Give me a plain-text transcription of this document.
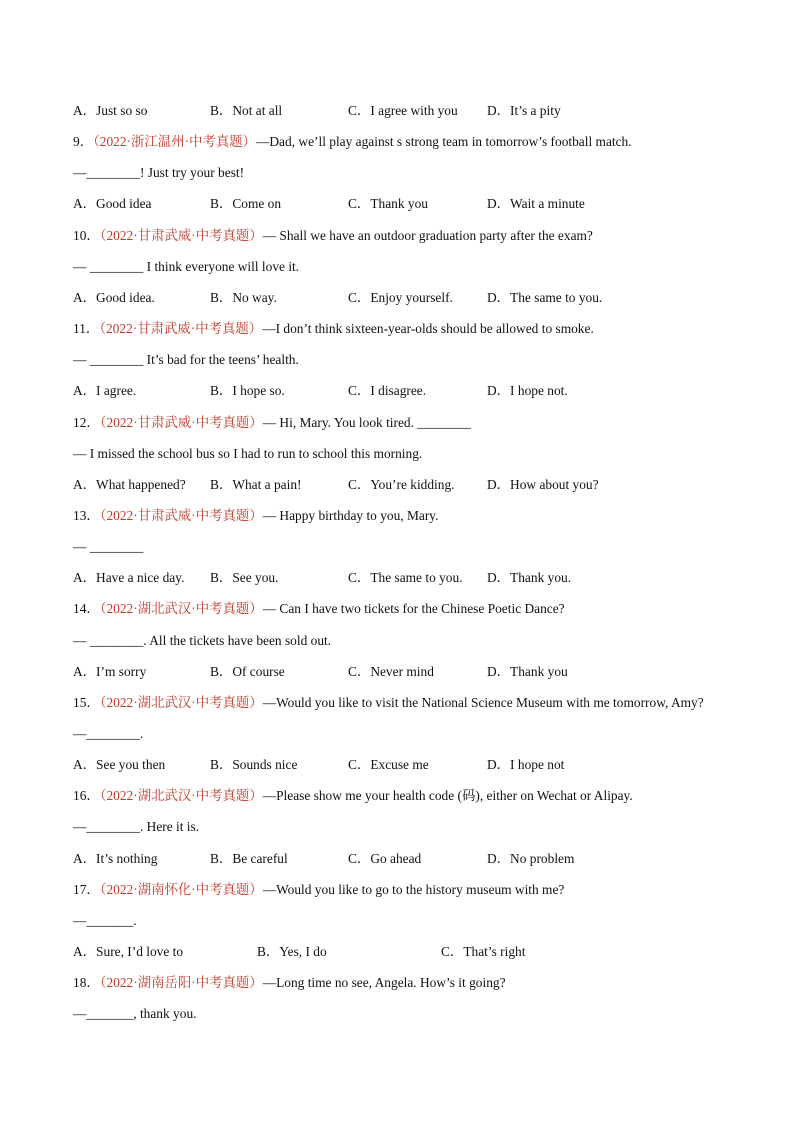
A．Just so so	B．Not at all	C．I agree with you D．It’s a pity
9．（2022·浙江温州·中考真题）—Dad, we’ll play against s strong team in tomorrow’s football match.
—________! Just try your best!
A．Good idea	B．Come on	C．Thank you	D．Wait a minute
10．（2022·甘肃武威·中考真题）— Shall we have an outdoor graduation party after the exam?
— ________ I think everyone will love it.
A．Good idea.	B．No way.	C．Enjoy yourself.	D．The same to you.
11．（2022·甘肃武威·中考真题）—I don’t think sixteen-year-olds should be allowed to smoke.
— ________ It’s bad for the teens’ health.
A．I agree.	B．I hope so.	C．I disagree.	D．I hope not.
12．（2022·甘肃武威·中考真题）— Hi, Mary. You look tired. ________
— I missed the school bus so I had to run to school this morning.
A．What happened? B．What a pain!	C．You’re kidding. D．How about you?
13．（2022·甘肃武威·中考真题）— Happy birthday to you, Mary.
— ________
A．Have a nice day. B．See you.	C．The same to you. D．Thank you.
14．（2022·湖北武汉·中考真题）— Can I have two tickets for the Chinese Poetic Dance?
— ________. All the tickets have been sold out.
A．I’m sorry	B．Of course	C．Never mind	D．Thank you
15．（2022·湖北武汉·中考真题）—Would you like to visit the National Science Museum with me tomorrow, Amy?
—________.
A．See you then	B．Sounds nice	C．Excuse me	D．I hope not
16．（2022·湖北武汉·中考真题）—Please show me your health code (码), either on Wechat or Alipay.
—________. Here it is.
A．It’s nothing	B．Be careful	C．Go ahead	D．No problem
17．（2022·湖南怀化·中考真题）—Would you like to go to the history museum with me?
—_______.
A．Sure, I’d love to	B．Yes, I do	C．That’s right
18．（2022·湖南岳阳·中考真题）—Long time no see, Angela. How’s it going?
—_______, thank you.
